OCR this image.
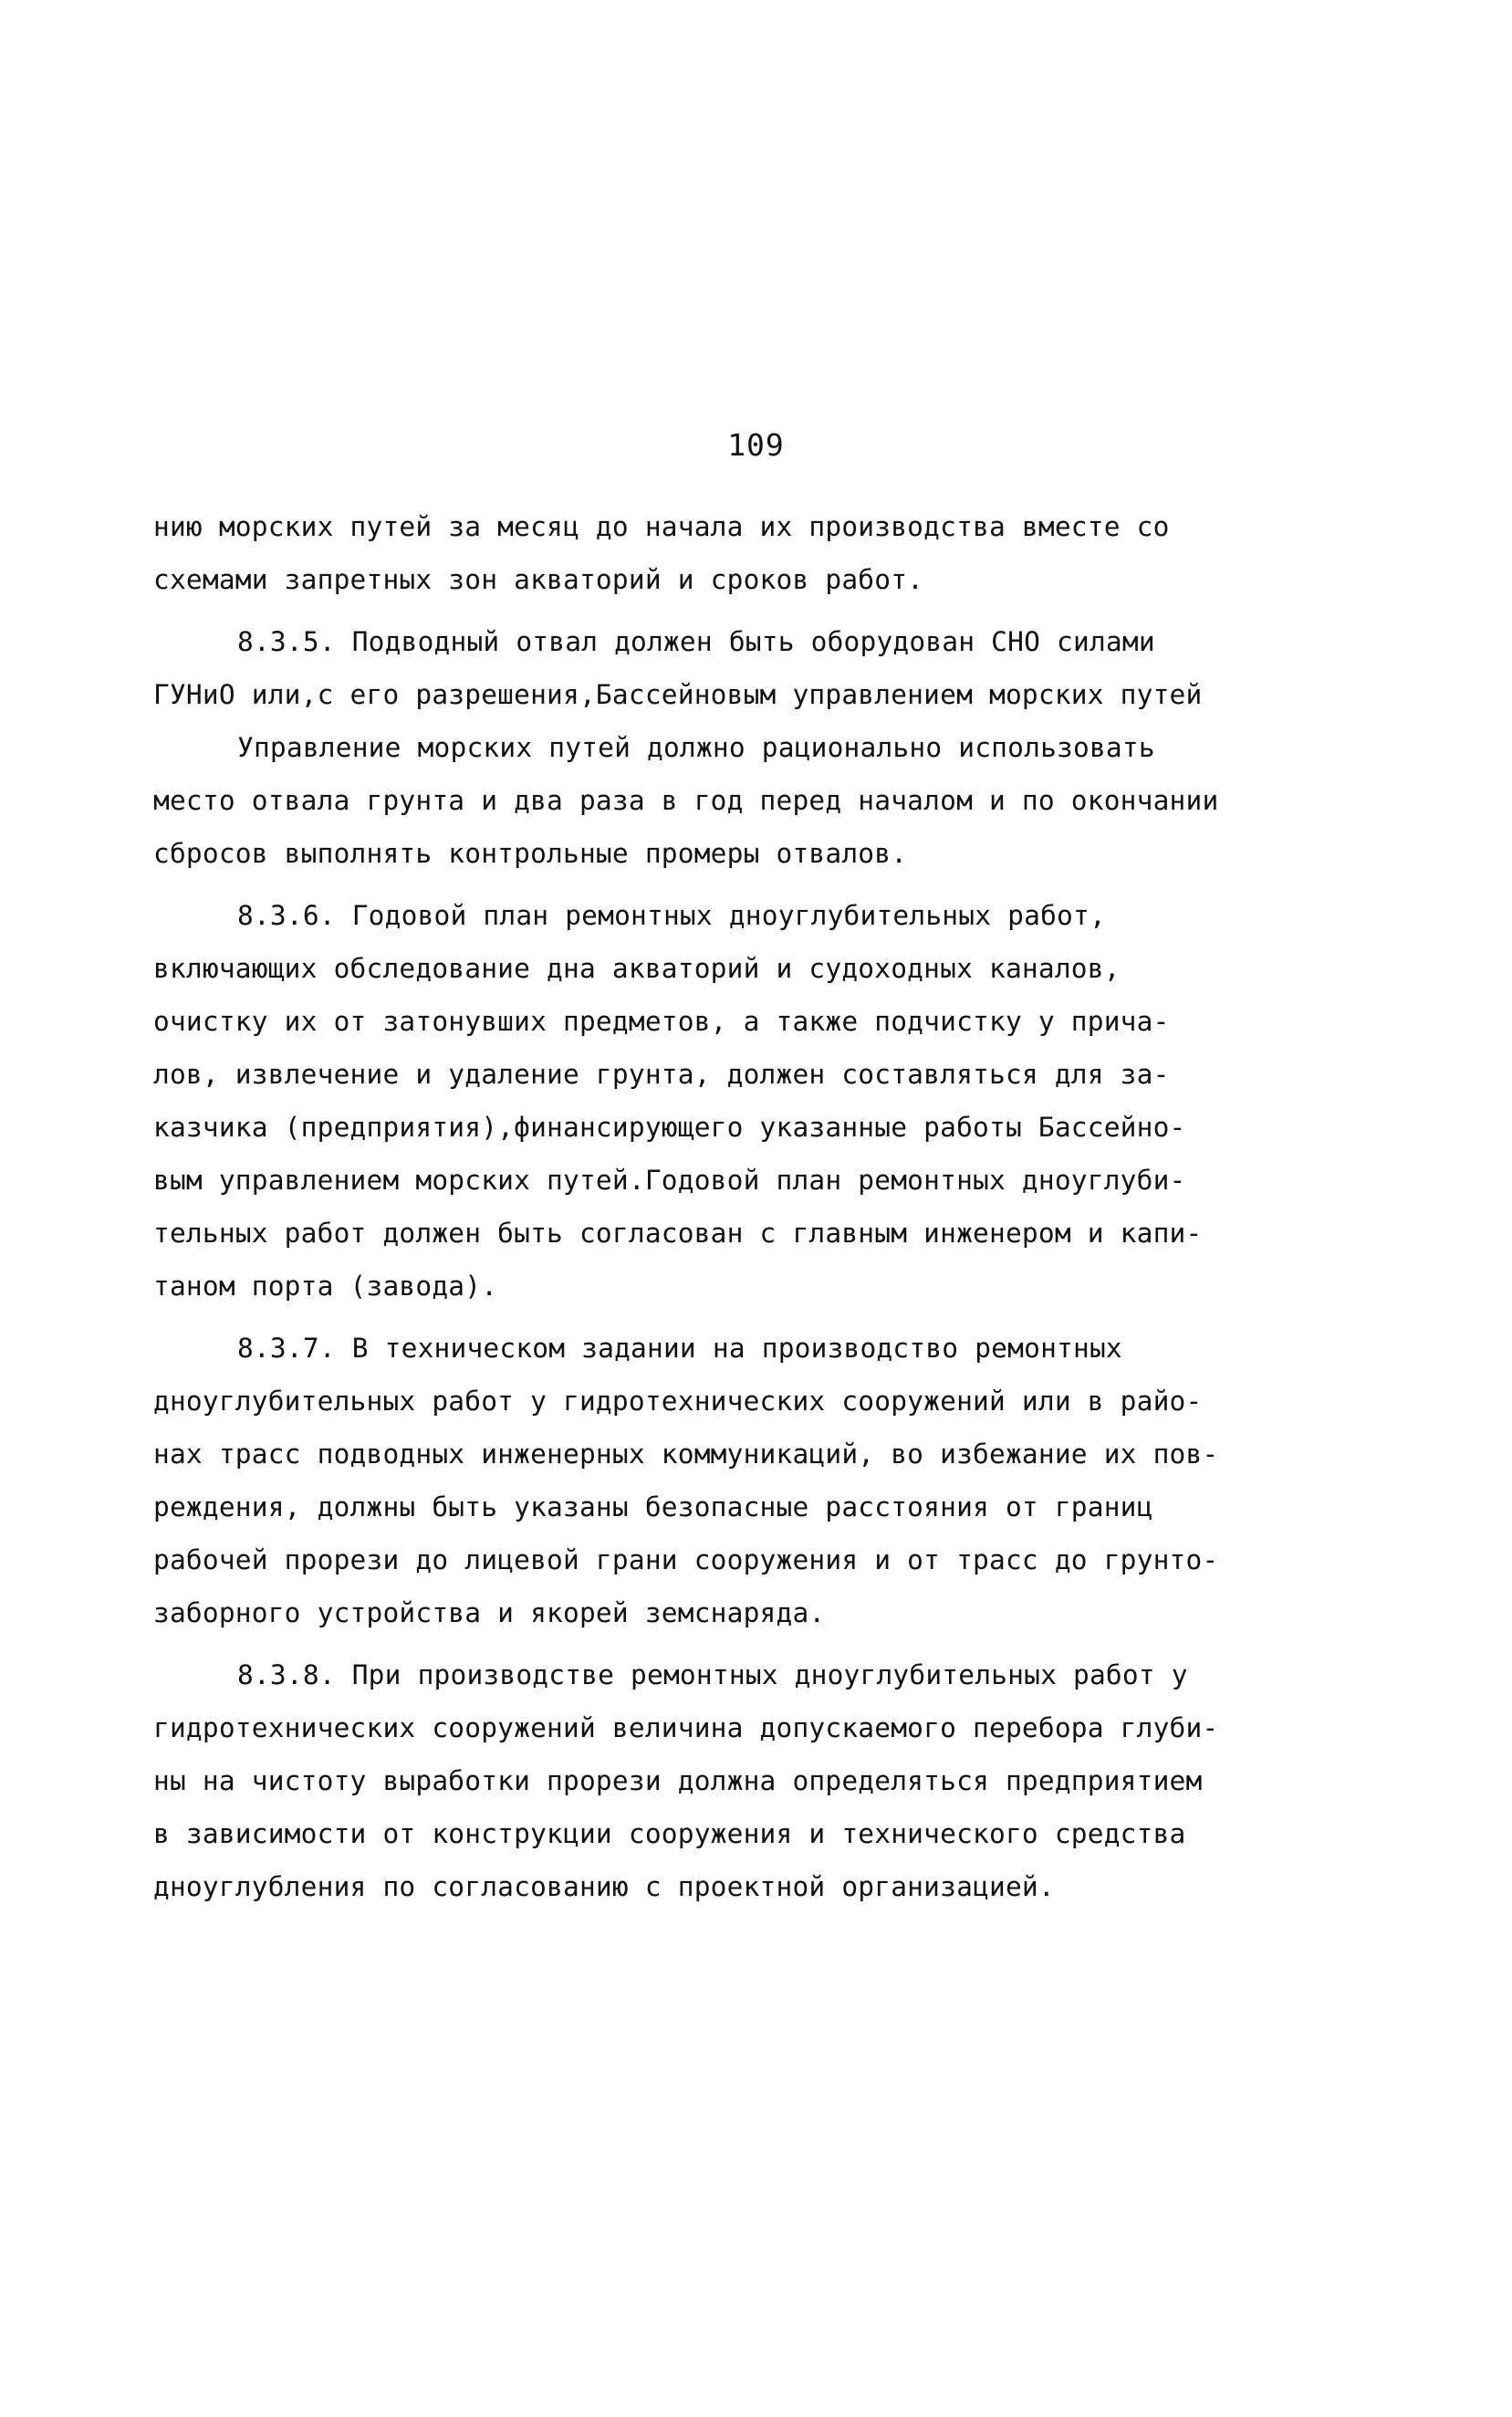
109
нию морских путей за месяц до начала их производства вместе со
схемами запретных зон акваторий и сроков работ.
8.3.5. Подводный отвал должен быть оборудован СНО силами
ГУНиО или,с его разрешения,Бассейновым управлением морских путей
Управление морских путей должно рационально использовать
место отвала грунта и два раза в год перед началом и по окончании
сбросов выполнять контрольные промеры отвалов.
8.3.6. Годовой план ремонтных дноуглубительных работ,
включающих обследование дна акваторий и судоходных каналов,
очистку их от затонувших предметов, а также подчистку у прича-
лов, извлечение и удаление грунта, должен составляться для за-
казчика (предприятия),финансирующего указанные работы Бассейно-
вым управлением морских путей.Годовой план ремонтных дноуглуби-
тельных работ должен быть согласован с главным инженером и капи-
таном порта (завода).
8.3.7. В техническом задании на производство ремонтных
дноуглубительных работ у гидротехнических сооружений или в райо-
нах трасс подводных инженерных коммуникаций, во избежание их пов-
реждения, должны быть указаны безопасные расстояния от границ
рабочей прорези до лицевой грани сооружения и от трасс до грунто-
заборного устройства и якорей земснаряда.
8.3.8. При производстве ремонтных дноуглубительных работ у
гидротехнических сооружений величина допускаемого перебора глуби-
ны на чистоту выработки прорези должна определяться предприятием
в зависимости от конструкции сооружения и технического средства
дноуглубления по согласованию с проектной организацией.
